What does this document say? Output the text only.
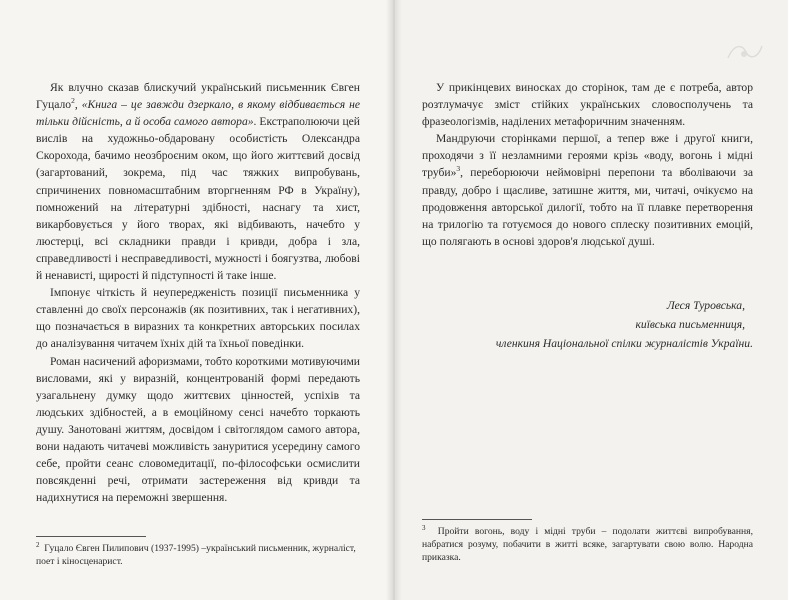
Як влучно сказав блискучий український письменник Євген Гуцало$^2$, «Книга – це завжди дзеркало, в якому відбивається не тільки дійсність, а й особа самого автора». Екстраполюючи цей вислів на художньо-обдаровану особистість Олександра Скорохода, бачимо неозброєним оком, що його життєвий досвід (загартований, зокрема, під час тяжких випробувань, спричинених повномасштабним вторгненням РФ в Україну), помножений на літературні здібності, наснагу та хист, викарбовується у його творах, які відбивають, начебто у люстерці, всі складники правди і кривди, добра і зла, справедливості і несправедливості, мужності і боягузтва, любові й ненависті, щирості й підступності й таке інше.

Імпонує чіткість й неупередженість позиції письменника у ставленні до своїх персонажів (як позитивних, так і негативних), що позначається в виразних та конкретних авторських посилах до аналізування читачем їхніх дій та їхньої поведінки.

Роман насичений афоризмами, тобто короткими мотивуючими висловами, які у виразній, концентрованій формі передають узагальнену думку щодо життєвих цінностей, успіхів та людських здібностей, а в емоційному сенсі начебто торкають душу. Занотовані життям, досвідом і світоглядом самого автора, вони надають читачеві можливість зануритися усередину самого себе, пройти сеанс словомедитації, по-філософськи осмислити повсякденні речі, отримати застереження від кривди та надихнутися на переможні звершення.

$^2$ Гуцало Євген Пилипович (1937-1995) –український письменник, журналіст, поет і кіносценарист.

У прикінцевих виносках до сторінок, там де є потреба, автор розтлумачує зміст стійких українських словосполучень та фразеологізмів, наділених метафоричним значенням.

Мандруючи сторінками першої, а тепер вже і другої книги, проходячи з її незламними героями крізь «воду, вогонь і мідні труби»$^3$, переборюючи неймовірні перепони та вболіваючи за правду, добро і щасливе, затишне життя, ми, читачі, очікуємо на продовження авторської дилогії, тобто на її плавке перетворення на трилогію та готуємося до нового сплеску позитивних емоцій, що полягають в основі здоров'я людської душі.

Леся Туровська,
київська письменниця,
членкиня Національної спілки журналістів України.
$^3$ Пройти вогонь, воду і мідні труби – подолати життєві випробування, набратися розуму, побачити в житті всяке, загартувати свою волю. Народна приказка.
